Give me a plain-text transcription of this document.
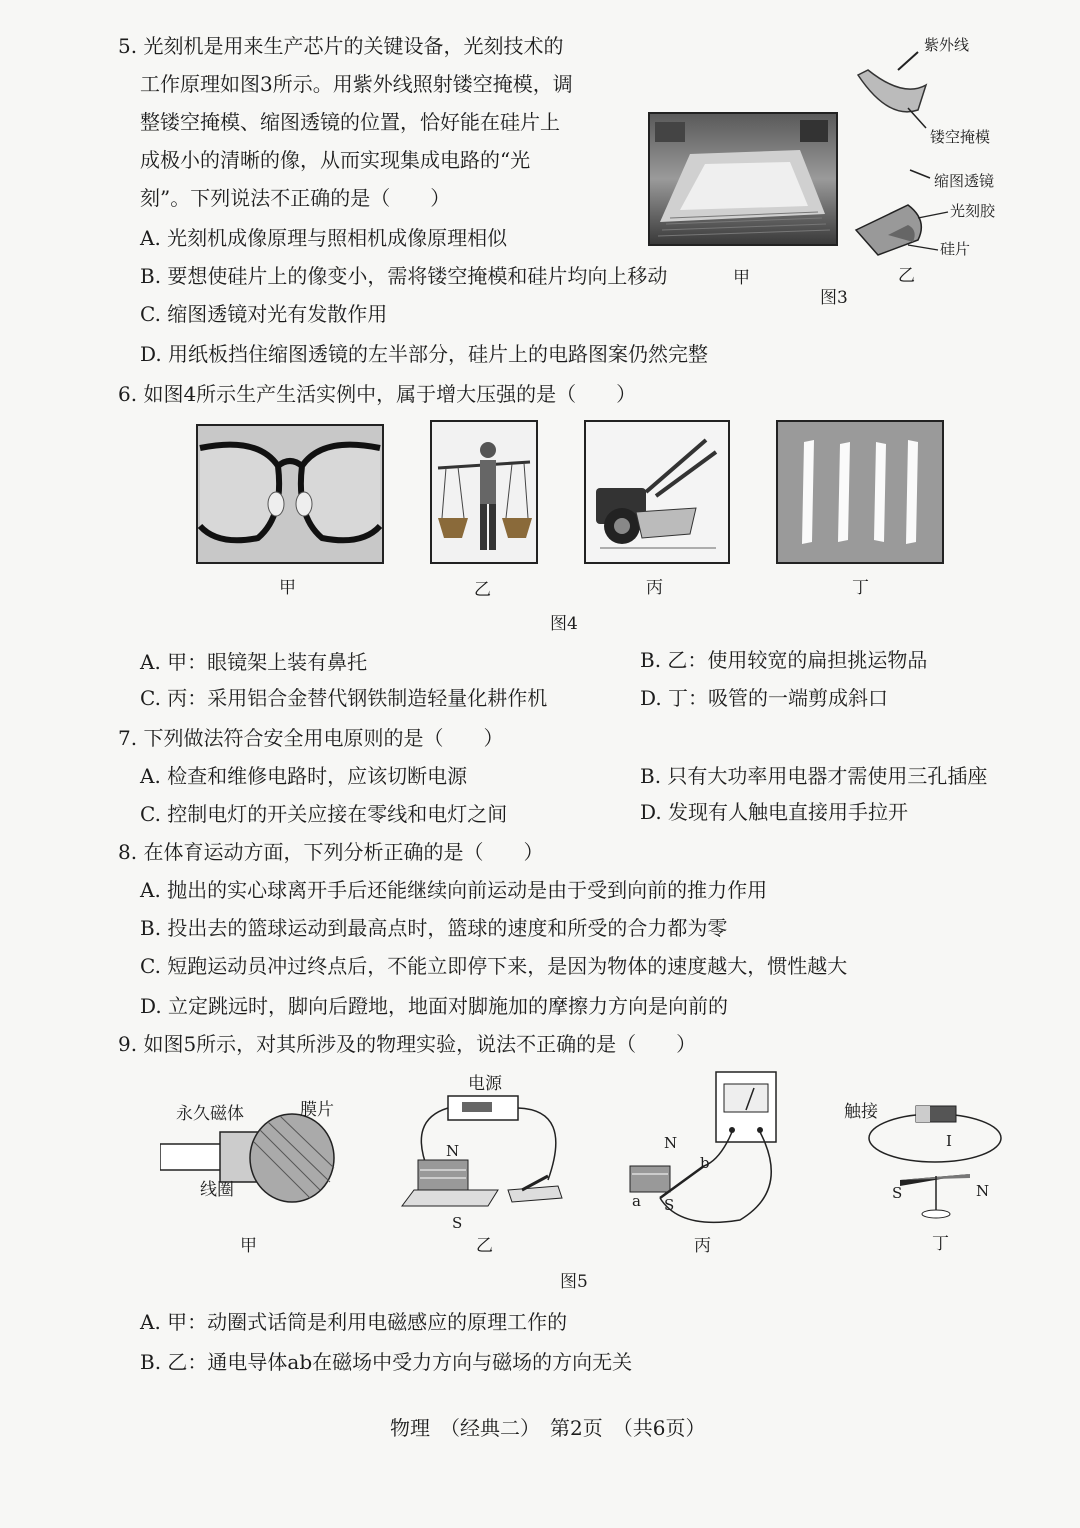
5. 光刻机是用来生产芯片的关键设备，光刻技术的
工作原理如图3所示。用紫外线照射镂空掩模，调
整镂空掩模、缩图透镜的位置，恰好能在硅片上
成极小的清晰的像，从而实现集成电路的“光
刻”。下列说法不正确的是（　　）
A. 光刻机成像原理与照相机成像原理相似
B. 要想使硅片上的像变小，需将镂空掩模和硅片均向上移动
C. 缩图透镜对光有发散作用
D. 用纸板挡住缩图透镜的左半部分，硅片上的电路图案仍然完整
甲
紫外线
镂空掩模
缩图透镜
光刻胶
硅片
乙
图3
6. 如图4所示生产生活实例中，属于增大压强的是（　　）
甲	乙	丙	丁
图4
A. 甲：眼镜架上装有鼻托	B. 乙：使用较宽的扁担挑运物品
C. 丙：采用铝合金替代钢铁制造轻量化耕作机	D. 丁：吸管的一端剪成斜口
7. 下列做法符合安全用电原则的是（　　）
A. 检查和维修电路时，应该切断电源	B. 只有大功率用电器才需使用三孔插座
C. 控制电灯的开关应接在零线和电灯之间	D. 发现有人触电直接用手拉开
8. 在体育运动方面，下列分析正确的是（　　）
A. 抛出的实心球离开手后还能继续向前运动是由于受到向前的推力作用
B. 投出去的篮球运动到最高点时，篮球的速度和所受的合力都为零
C. 短跑运动员冲过终点后，不能立即停下来，是因为物体的速度越大，惯性越大
D. 立定跳远时，脚向后蹬地，地面对脚施加的摩擦力方向是向前的
9. 如图5所示，对其所涉及的物理实验，说法不正确的是（　　）
永久磁体	膜片
线圈
电源
N
S
N
S
a
b
触接
I
S	N
甲	乙	丙	丁
图5
A. 甲：动圈式话筒是利用电磁感应的原理工作的
B. 乙：通电导体ab在磁场中受力方向与磁场的方向无关
物理　（经典二）　第2页　（共6页）
